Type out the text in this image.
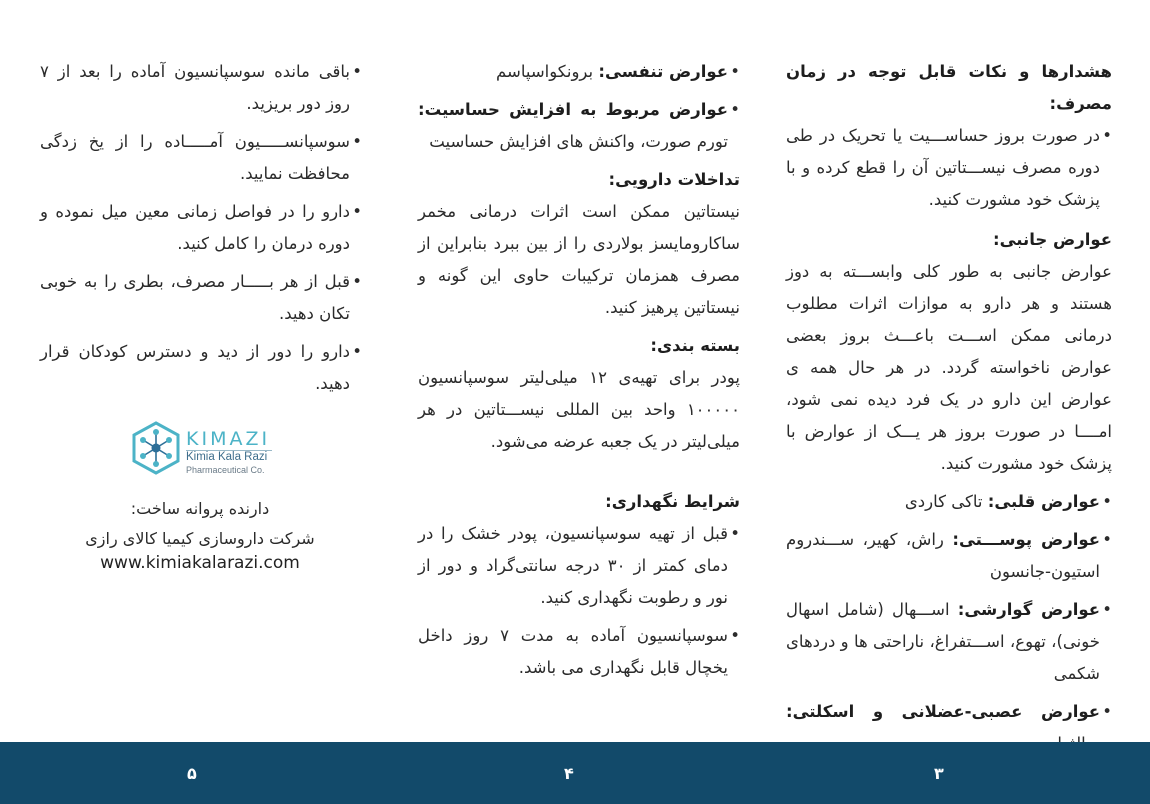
هشدارها و نکات قابل توجه در زمان مصرف:

• در صورت بروز حساســـیت یا تحریک در طی دوره مصرف نیســـتاتین آن را قطع کرده و با پزشک خود مشورت کنید.

عوارض جانبی:

عوارض جانبی به طور کلی وابســـته به دوز هستند و هر دارو به موازات اثرات مطلوب درمانی ممکن اســـت باعـــث بروز بعضی عوارض ناخواسته گردد. در هر حال همه ی عوارض این دارو در یک فرد دیده نمی شود، امــــا در صورت بروز هر یـــک از عوارض با پزشک خود مشورت کنید.

• عوارض قلبی: تاکی کاردی

• عوارض پوســـتی: راش، کهیر، ســـندروم استیون-جانسون

• عوارض گوارشی: اســـهال (شامل اسهال خونی)، تهوع، اســـتفراغ، ناراحتی ها و دردهای شکمی

• عوارض عصبی-عضلانی و اسکلتی:

• عوارض تنفسی: برونکواسپاسم

• عوارض مربوط به افزایش حساسیت: تورم صورت، واکنش های افزایش حساسیت

تداخلات دارویی:

نیستاتین ممکن است اثرات درمانی مخمر ساکارومایسز بولاردی را از بین ببرد بنابراین از مصرف همزمان ترکیبات حاوی این گونه و نیستاتین پرهیز کنید.

بسته بندی:

پودر برای تهیه‌ی ۱۲ میلی‌لیتر سوسپانسیون ۱۰۰۰۰۰ واحد بین المللی نیســـتاتین در هر میلی‌لیتر در یک جعبه عرضه می‌شود.

شرایط نگهداری:

• قبل از تهیه سوسپانسیون، پودر خشک را در دمای کمتر از ۳۰ درجه سانتی‌گراد و دور از نور و رطوبت نگهداری کنید.

• سوسپانسیون آماده به مدت ۷ روز داخل یخچال قابل نگهداری می باشد.

• باقی مانده سوسپانسیون آماده را بعد از ۷ روز دور بریزید.

• سوسپانســـــیون آمـــــاده را از یخ زدگی محافظت نمایید.

• دارو را در فواصل زمانی معین میل نموده و دوره درمان را کامل کنید.

• قبل از هر بـــــار مصرف، بطری را به خوبی تکان دهید.

• دارو را دور از دید و دسترس کودکان قرار دهید.

KIMAZI
Kimia Kala Razi
Pharmaceutical Co.
دارنده پروانه ساخت:
شرکت داروسازی کیمیا کالای رازی
www.kimiakalarazi.com
۵	۴	۳
